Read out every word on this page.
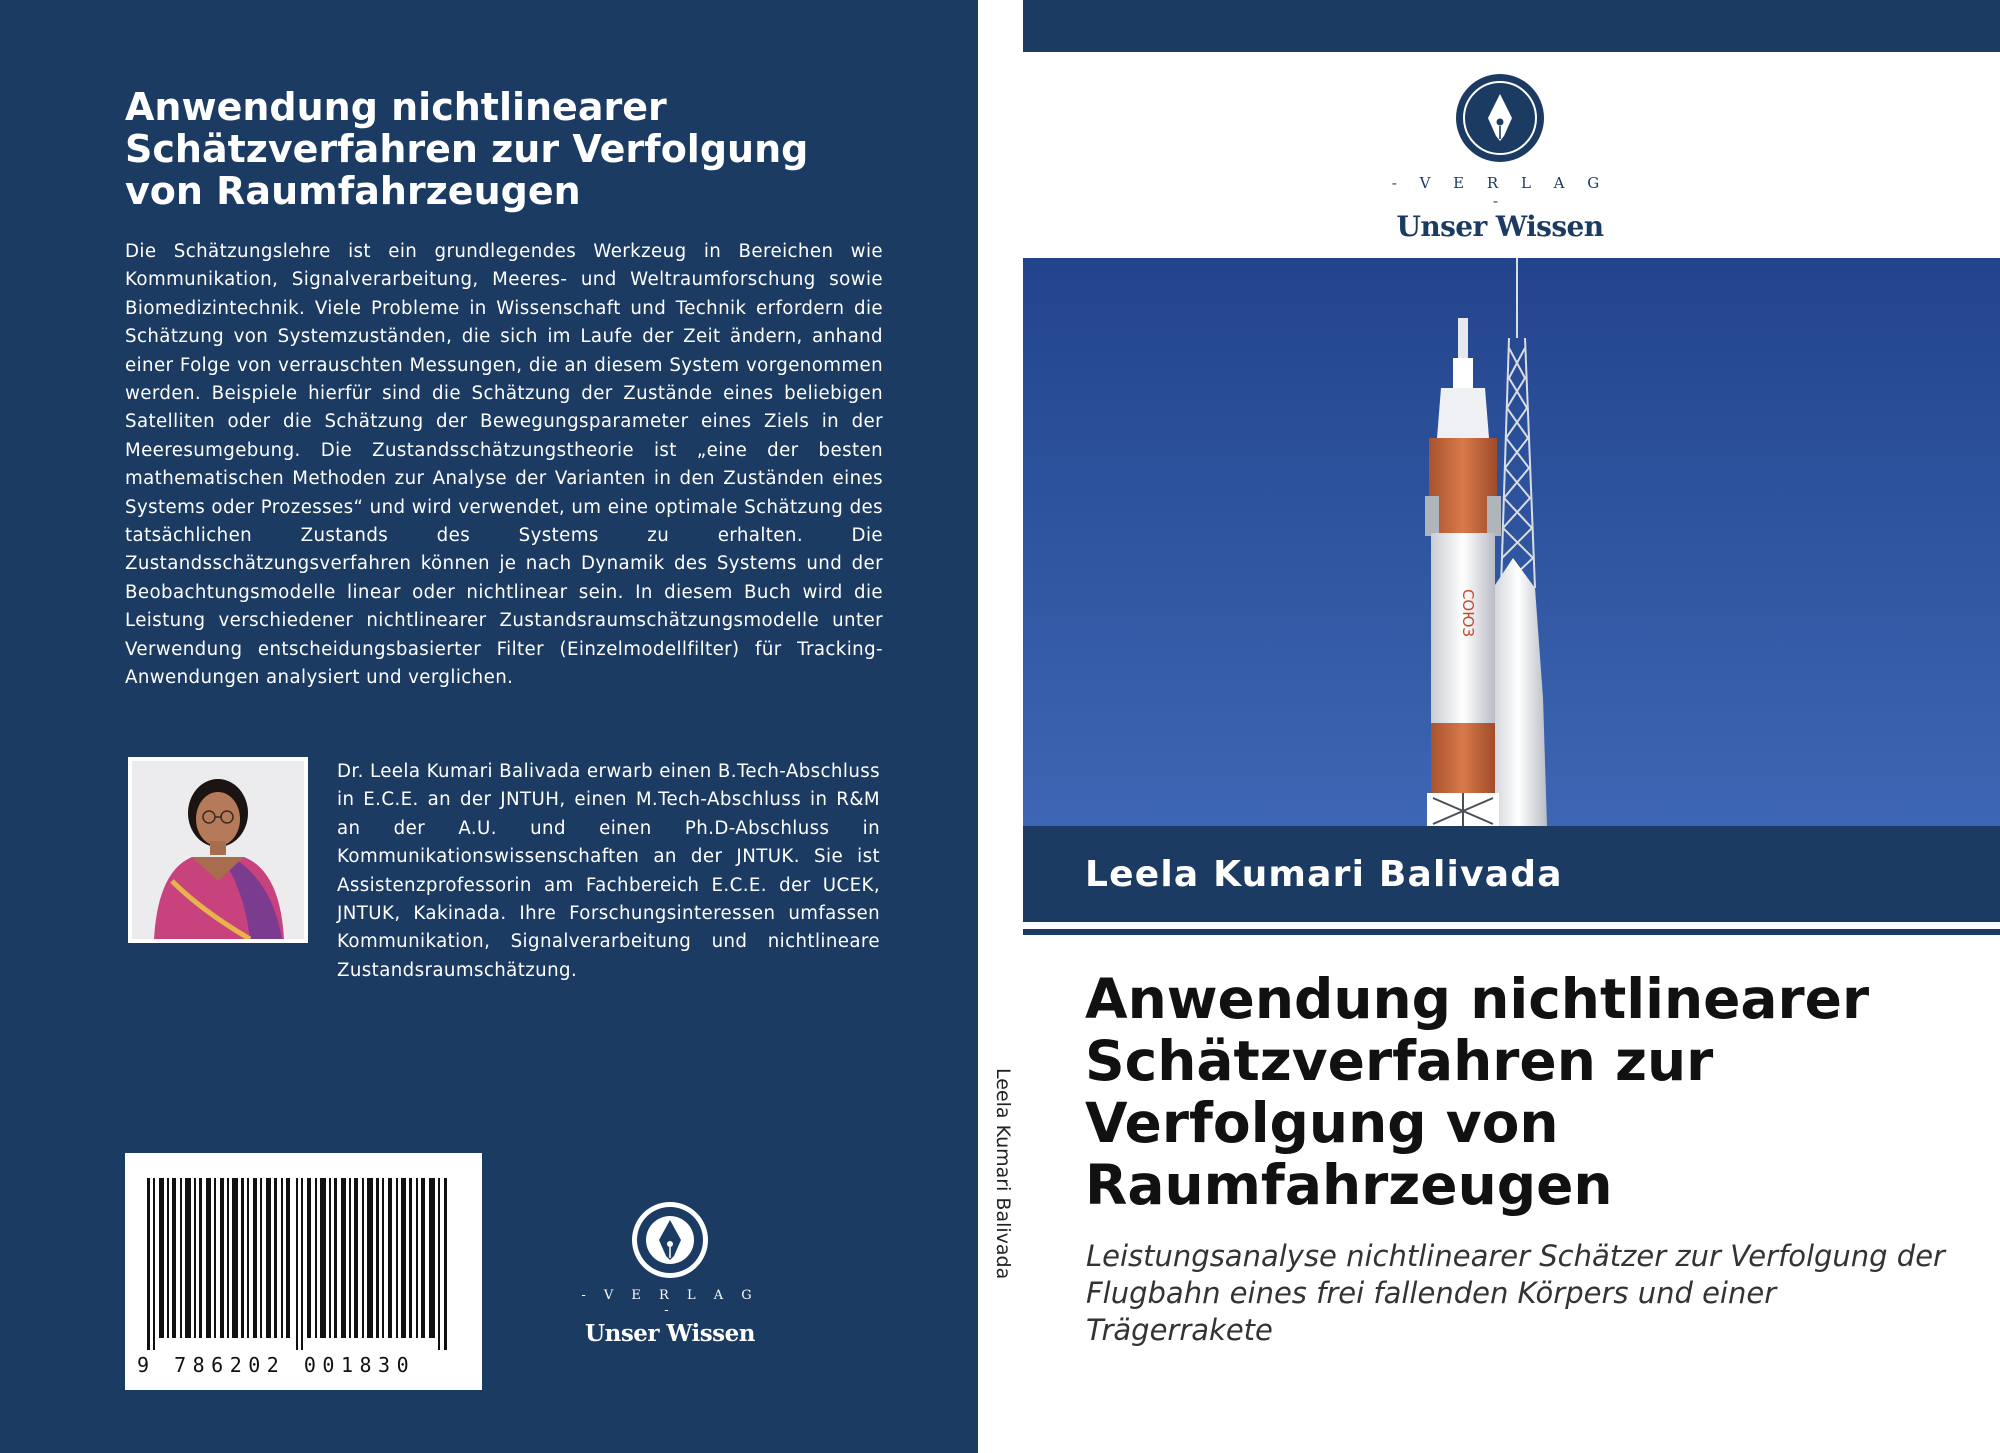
Anwendung nichtlinearer Schätzverfahren zur Verfolgung von Raumfahrzeugen

Die Schätzungslehre ist ein grundlegendes Werkzeug in Bereichen wie Kommunikation, Signalverarbeitung, Meeres- und Weltraumforschung sowie Biomedizintechnik. Viele Probleme in Wissenschaft und Technik erfordern die Schätzung von Systemzuständen, die sich im Laufe der Zeit ändern, anhand einer Folge von verrauschten Messungen, die an diesem System vorgenommen werden. Beispiele hierfür sind die Schätzung der Zustände eines beliebigen Satelliten oder die Schätzung der Bewegungsparameter eines Ziels in der Meeresumgebung. Die Zustandsschätzungstheorie ist „eine der besten mathematischen Methoden zur Analyse der Varianten in den Zuständen eines Systems oder Prozesses“ und wird verwendet, um eine optimale Schätzung des tatsächlichen Zustands des Systems zu erhalten. Die Zustandsschätzungsverfahren können je nach Dynamik des Systems und der Beobachtungsmodelle linear oder nichtlinear sein. In diesem Buch wird die Leistung verschiedener nichtlinearer Zustandsraumschätzungsmodelle unter Verwendung entscheidungsbasierter Filter (Einzelmodellfilter) für Tracking-Anwendungen analysiert und verglichen.

Dr. Leela Kumari Balivada erwarb einen B.Tech-Abschluss in E.C.E. an der JNTUH, einen M.Tech-Abschluss in R&M an der A.U. und einen Ph.D-Abschluss in Kommunikationswissenschaften an der JNTUK. Sie ist Assistenzprofessorin am Fachbereich E.C.E. der UCEK, JNTUK, Kakinada. Ihre Forschungsinteressen umfassen Kommunikation, Signalverarbeitung und nichtlineare Zustandsraumschätzung.

9 786202 001830
- V E R L A G -
Unser Wissen
Leela Kumari Balivada
- V E R L A G -
Unser Wissen
COЮЗ
Leela Kumari Balivada
Anwendung nichtlinearer Schätzverfahren zur Verfolgung von Raumfahrzeugen
Leistungsanalyse nichtlinearer Schätzer zur Verfolgung der Flugbahn eines frei fallenden Körpers und einer Trägerrakete
